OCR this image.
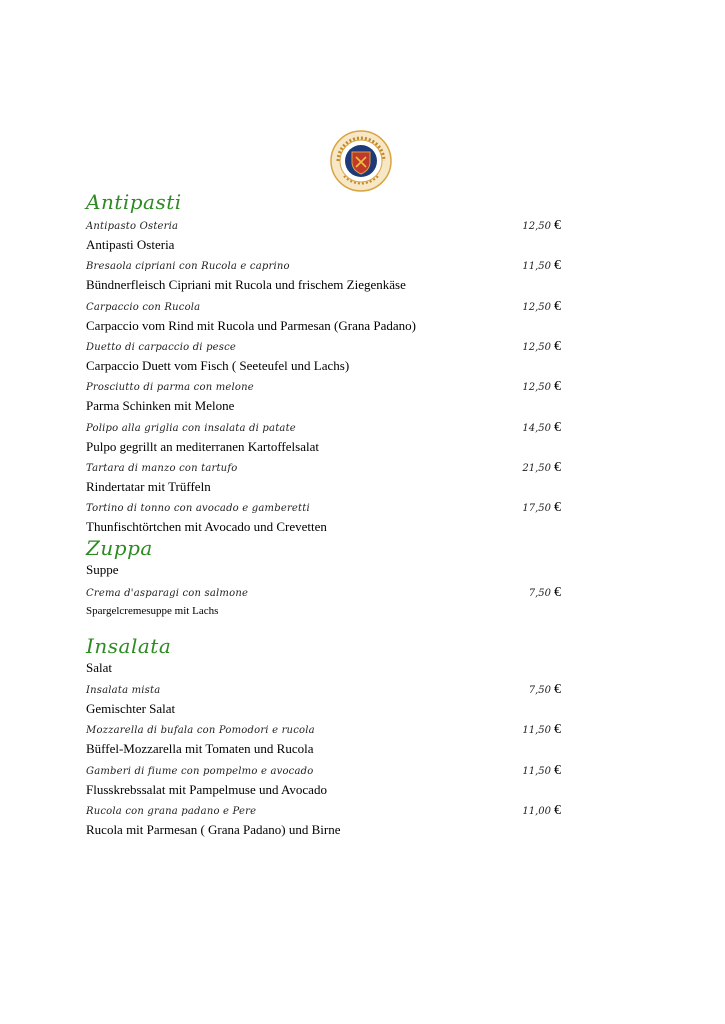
Antipasti
Antipasto Osteria
Antipasti Osteria
12,50 €
Bresaola cipriani con Rucola e caprino
Bündnerfleisch Cipriani mit Rucola und frischem Ziegenkäse
11,50 €
Carpaccio con Rucola
Carpaccio vom Rind mit Rucola und Parmesan (Grana Padano)
12,50 €
Duetto di carpaccio di pesce
Carpaccio Duett vom Fisch ( Seeteufel und Lachs)
12,50 €
Prosciutto di parma con melone
Parma Schinken mit Melone
12,50 €
Polipo alla griglia con insalata di patate
Pulpo gegrillt an mediterranen Kartoffelsalat
14,50 €
Tartara di manzo con tartufo
Rindertatar mit Trüffeln
21,50 €
Tortino di tonno con avocado e gamberetti
Thunfischtörtchen mit Avocado und Crevetten
17,50 €
Zuppa
Suppe
Crema d'asparagi con salmone
Spargelcremesuppe mit Lachs
7,50 €
Insalata
Salat
Insalata mista
Gemischter Salat
7,50 €
Mozzarella di bufala con Pomodori e rucola
Büffel-Mozzarella mit Tomaten und Rucola
11,50 €
Gamberi di fiume con pompelmo e avocado
Flusskrebssalat mit Pampelmuse und Avocado
11,50 €
Rucola con grana padano e Pere
Rucola mit Parmesan ( Grana Padano) und Birne
11,00 €
